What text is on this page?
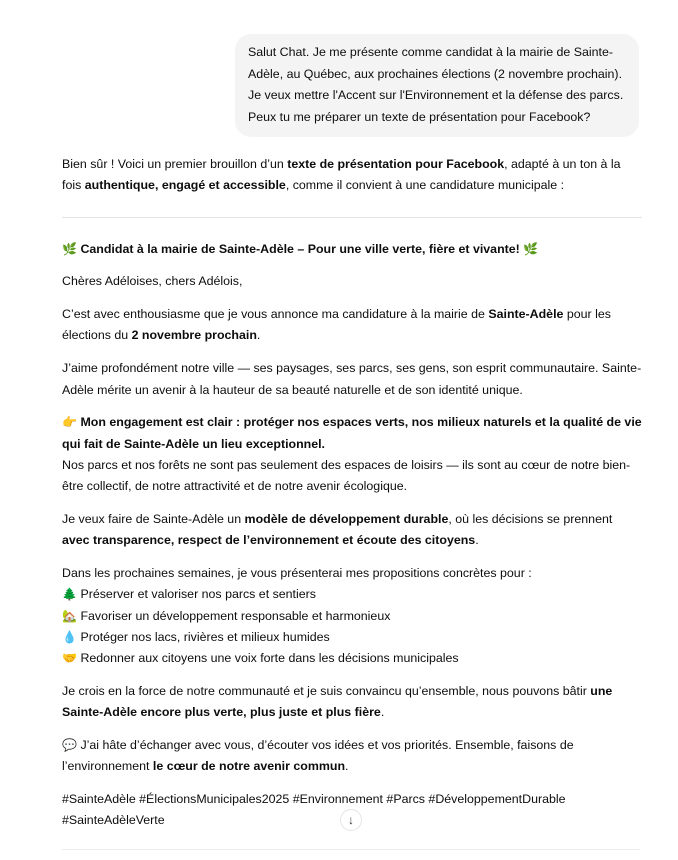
Salut Chat. Je me présente comme candidat à la mairie de Sainte-Adèle, au Québec, aux prochaines élections (2 novembre prochain). Je veux mettre l'Accent sur l'Environnement et la défense des parcs. Peux tu me préparer un texte de présentation pour Facebook?

Bien sûr ! Voici un premier brouillon d’un texte de présentation pour Facebook, adapté à un ton à la fois authentique, engagé et accessible, comme il convient à une candidature municipale :

🌿 Candidat à la mairie de Sainte-Adèle – Pour une ville verte, fière et vivante! 🌿

Chères Adéloises, chers Adélois,

C’est avec enthousiasme que je vous annonce ma candidature à la mairie de Sainte-Adèle pour les élections du 2 novembre prochain.

J’aime profondément notre ville — ses paysages, ses parcs, ses gens, son esprit communautaire. Sainte-Adèle mérite un avenir à la hauteur de sa beauté naturelle et de son identité unique.

👉 Mon engagement est clair : protéger nos espaces verts, nos milieux naturels et la qualité de vie qui fait de Sainte-Adèle un lieu exceptionnel.
Nos parcs et nos forêts ne sont pas seulement des espaces de loisirs — ils sont au cœur de notre bien-être collectif, de notre attractivité et de notre avenir écologique.

Je veux faire de Sainte-Adèle un modèle de développement durable, où les décisions se prennent avec transparence, respect de l’environnement et écoute des citoyens.

Dans les prochaines semaines, je vous présenterai mes propositions concrètes pour :
🌲 Préserver et valoriser nos parcs et sentiers
🏡 Favoriser un développement responsable et harmonieux
💧 Protéger nos lacs, rivières et milieux humides
🤝 Redonner aux citoyens une voix forte dans les décisions municipales

Je crois en la force de notre communauté et je suis convaincu qu’ensemble, nous pouvons bâtir une Sainte-Adèle encore plus verte, plus juste et plus fière.

💬 J’ai hâte d’échanger avec vous, d’écouter vos idées et vos priorités. Ensemble, faisons de l’environnement le cœur de notre avenir commun.

#SainteAdèle #ÉlectionsMunicipales2025 #Environnement #Parcs #DéveloppementDurable #SainteAdèleVerte	↓
